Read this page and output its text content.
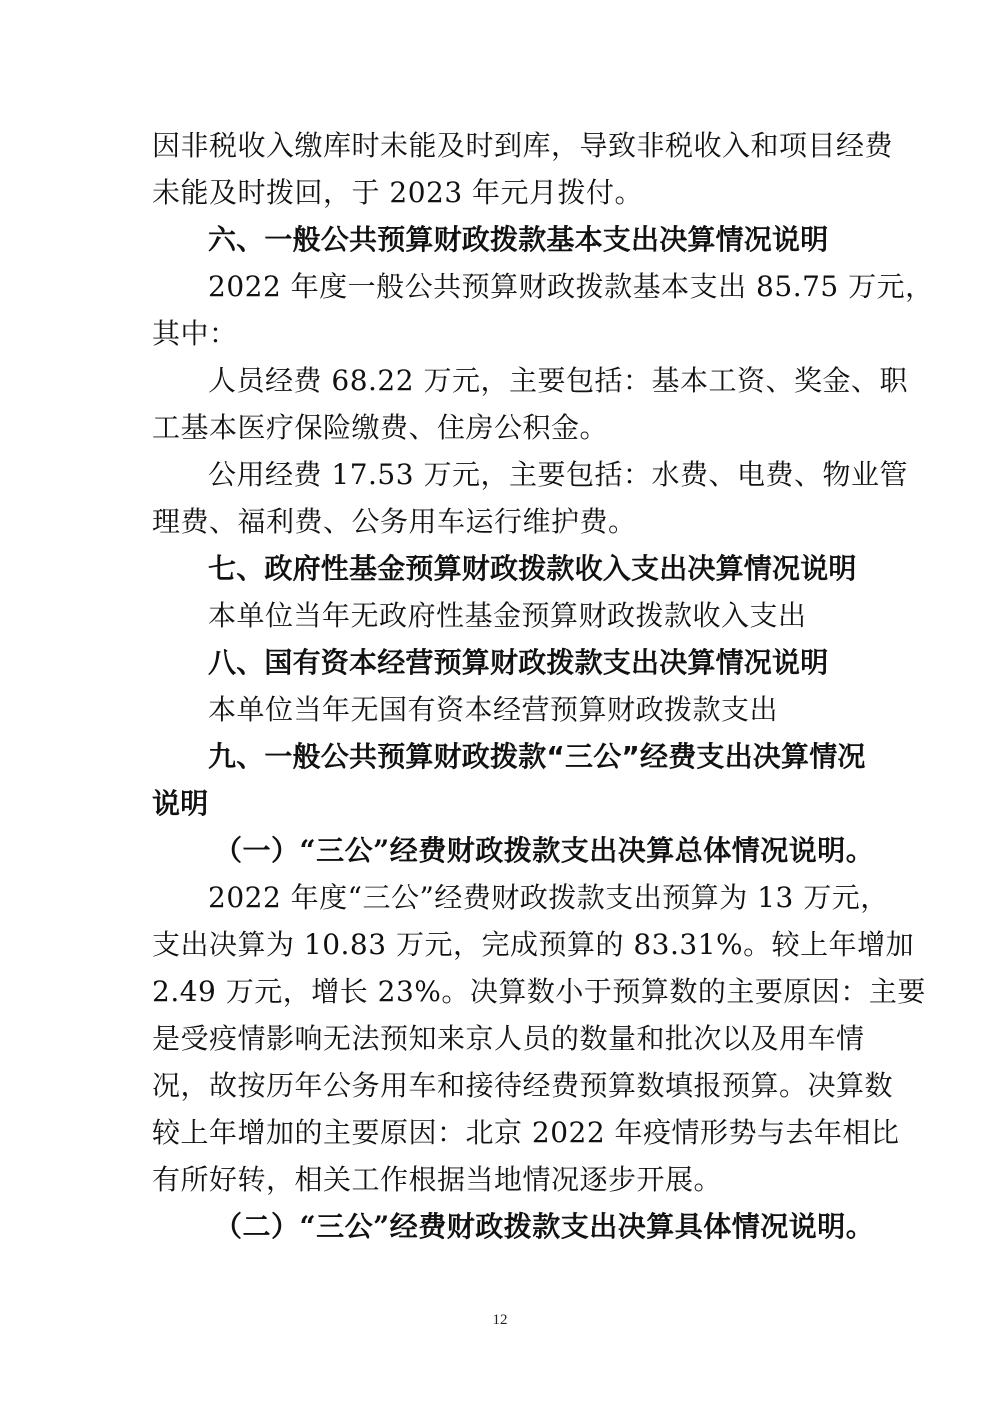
因非税收入缴库时未能及时到库，导致非税收入和项目经费
未能及时拨回，于 2023 年元月拨付。
六、一般公共预算财政拨款基本支出决算情况说明
2022 年度一般公共预算财政拨款基本支出 85.75 万元，
其中：
人员经费 68.22 万元，主要包括：基本工资、奖金、职
工基本医疗保险缴费、住房公积金。
公用经费 17.53 万元，主要包括：水费、电费、物业管
理费、福利费、公务用车运行维护费。
七、政府性基金预算财政拨款收入支出决算情况说明
本单位当年无政府性基金预算财政拨款收入支出
八、国有资本经营预算财政拨款支出决算情况说明
本单位当年无国有资本经营预算财政拨款支出
九、一般公共预算财政拨款“三公”经费支出决算情况
说明
（一）“三公”经费财政拨款支出决算总体情况说明。
2022 年度“三公”经费财政拨款支出预算为 13 万元，
支出决算为 10.83 万元，完成预算的 83.31%。较上年增加
2.49 万元，增长 23%。决算数小于预算数的主要原因：主要
是受疫情影响无法预知来京人员的数量和批次以及用车情
况，故按历年公务用车和接待经费预算数填报预算。决算数
较上年增加的主要原因：北京 2022 年疫情形势与去年相比
有所好转，相关工作根据当地情况逐步开展。
（二）“三公”经费财政拨款支出决算具体情况说明。
12
